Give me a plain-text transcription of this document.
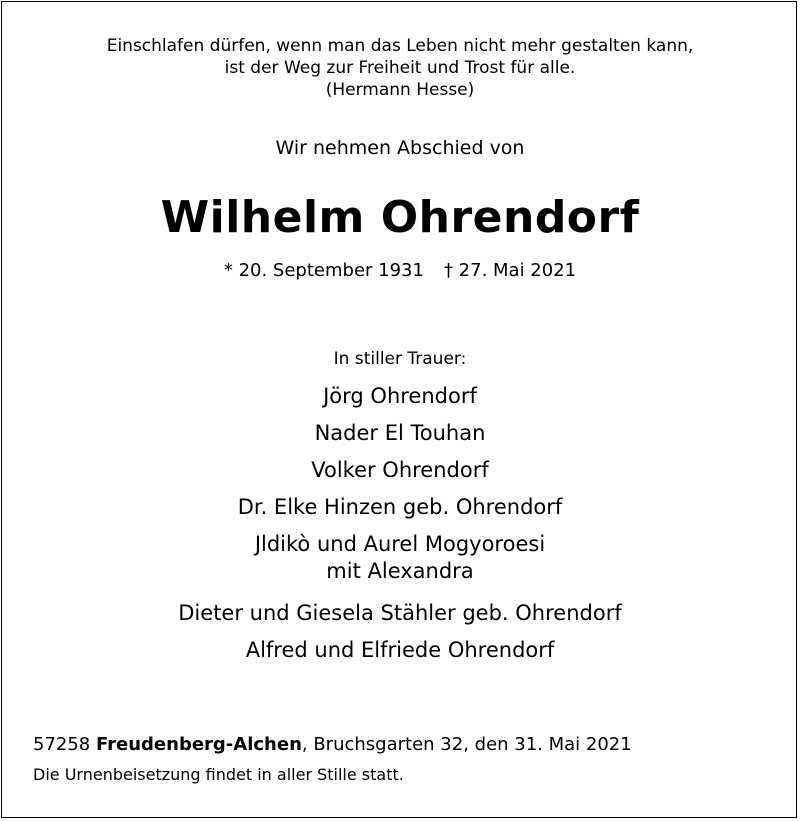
Einschlafen dürfen, wenn man das Leben nicht mehr gestalten kann,
ist der Weg zur Freiheit und Trost für alle.
(Hermann Hesse)
Wir nehmen Abschied von
Wilhelm Ohrendorf
* 20. September 1931 † 27. Mai 2021
In stiller Trauer:
Jörg Ohrendorf
Nader El Touhan
Volker Ohrendorf
Dr. Elke Hinzen geb. Ohrendorf
Jldikò und Aurel Mogyoroesi
mit Alexandra
Dieter und Giesela Stähler geb. Ohrendorf
Alfred und Elfriede Ohrendorf
57258 Freudenberg-Alchen, Bruchsgarten 32, den 31. Mai 2021
Die Urnenbeisetzung findet in aller Stille statt.
